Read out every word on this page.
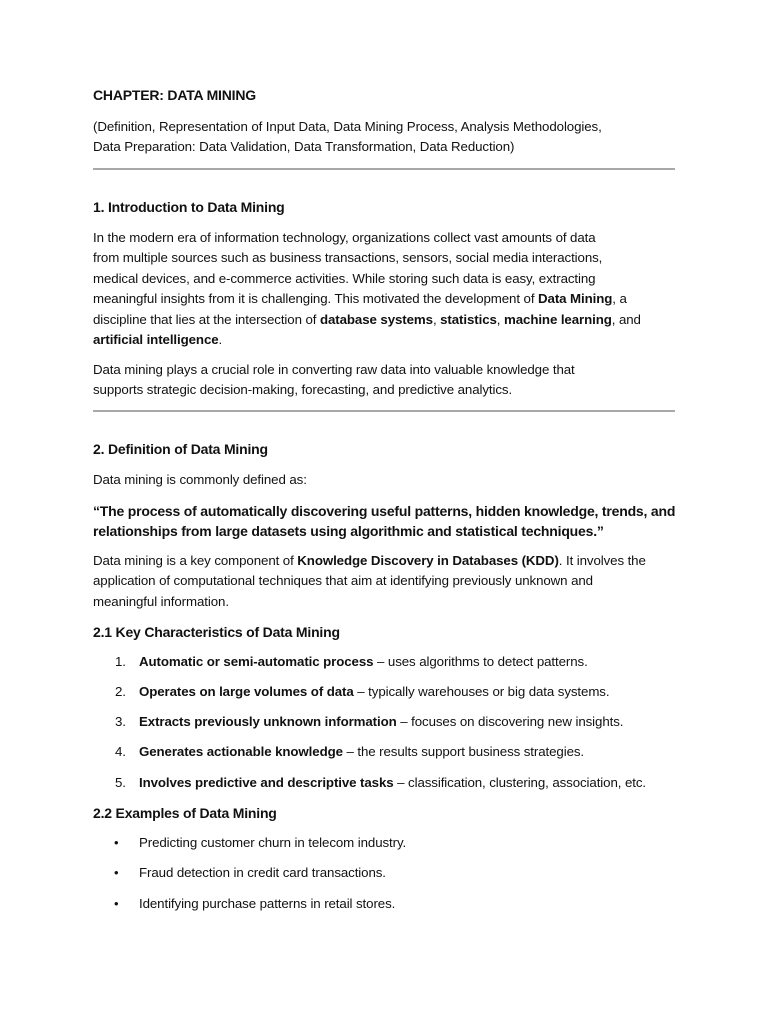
CHAPTER: DATA MINING
(Definition, Representation of Input Data, Data Mining Process, Analysis Methodologies,
Data Preparation: Data Validation, Data Transformation, Data Reduction)
1. Introduction to Data Mining
In the modern era of information technology, organizations collect vast amounts of data
from multiple sources such as business transactions, sensors, social media interactions,
medical devices, and e-commerce activities. While storing such data is easy, extracting
meaningful insights from it is challenging. This motivated the development of Data Mining, a
discipline that lies at the intersection of database systems, statistics, machine learning, and
artificial intelligence.
Data mining plays a crucial role in converting raw data into valuable knowledge that
supports strategic decision-making, forecasting, and predictive analytics.
2. Definition of Data Mining
Data mining is commonly defined as:
“The process of automatically discovering useful patterns, hidden knowledge, trends, and
relationships from large datasets using algorithmic and statistical techniques.”
Data mining is a key component of Knowledge Discovery in Databases (KDD). It involves the
application of computational techniques that aim at identifying previously unknown and
meaningful information.
2.1 Key Characteristics of Data Mining
1. Automatic or semi-automatic process – uses algorithms to detect patterns.
2. Operates on large volumes of data – typically warehouses or big data systems.
3. Extracts previously unknown information – focuses on discovering new insights.
4. Generates actionable knowledge – the results support business strategies.
5. Involves predictive and descriptive tasks – classification, clustering, association, etc.
2.2 Examples of Data Mining
•	Predicting customer churn in telecom industry.
•	Fraud detection in credit card transactions.
•	Identifying purchase patterns in retail stores.
